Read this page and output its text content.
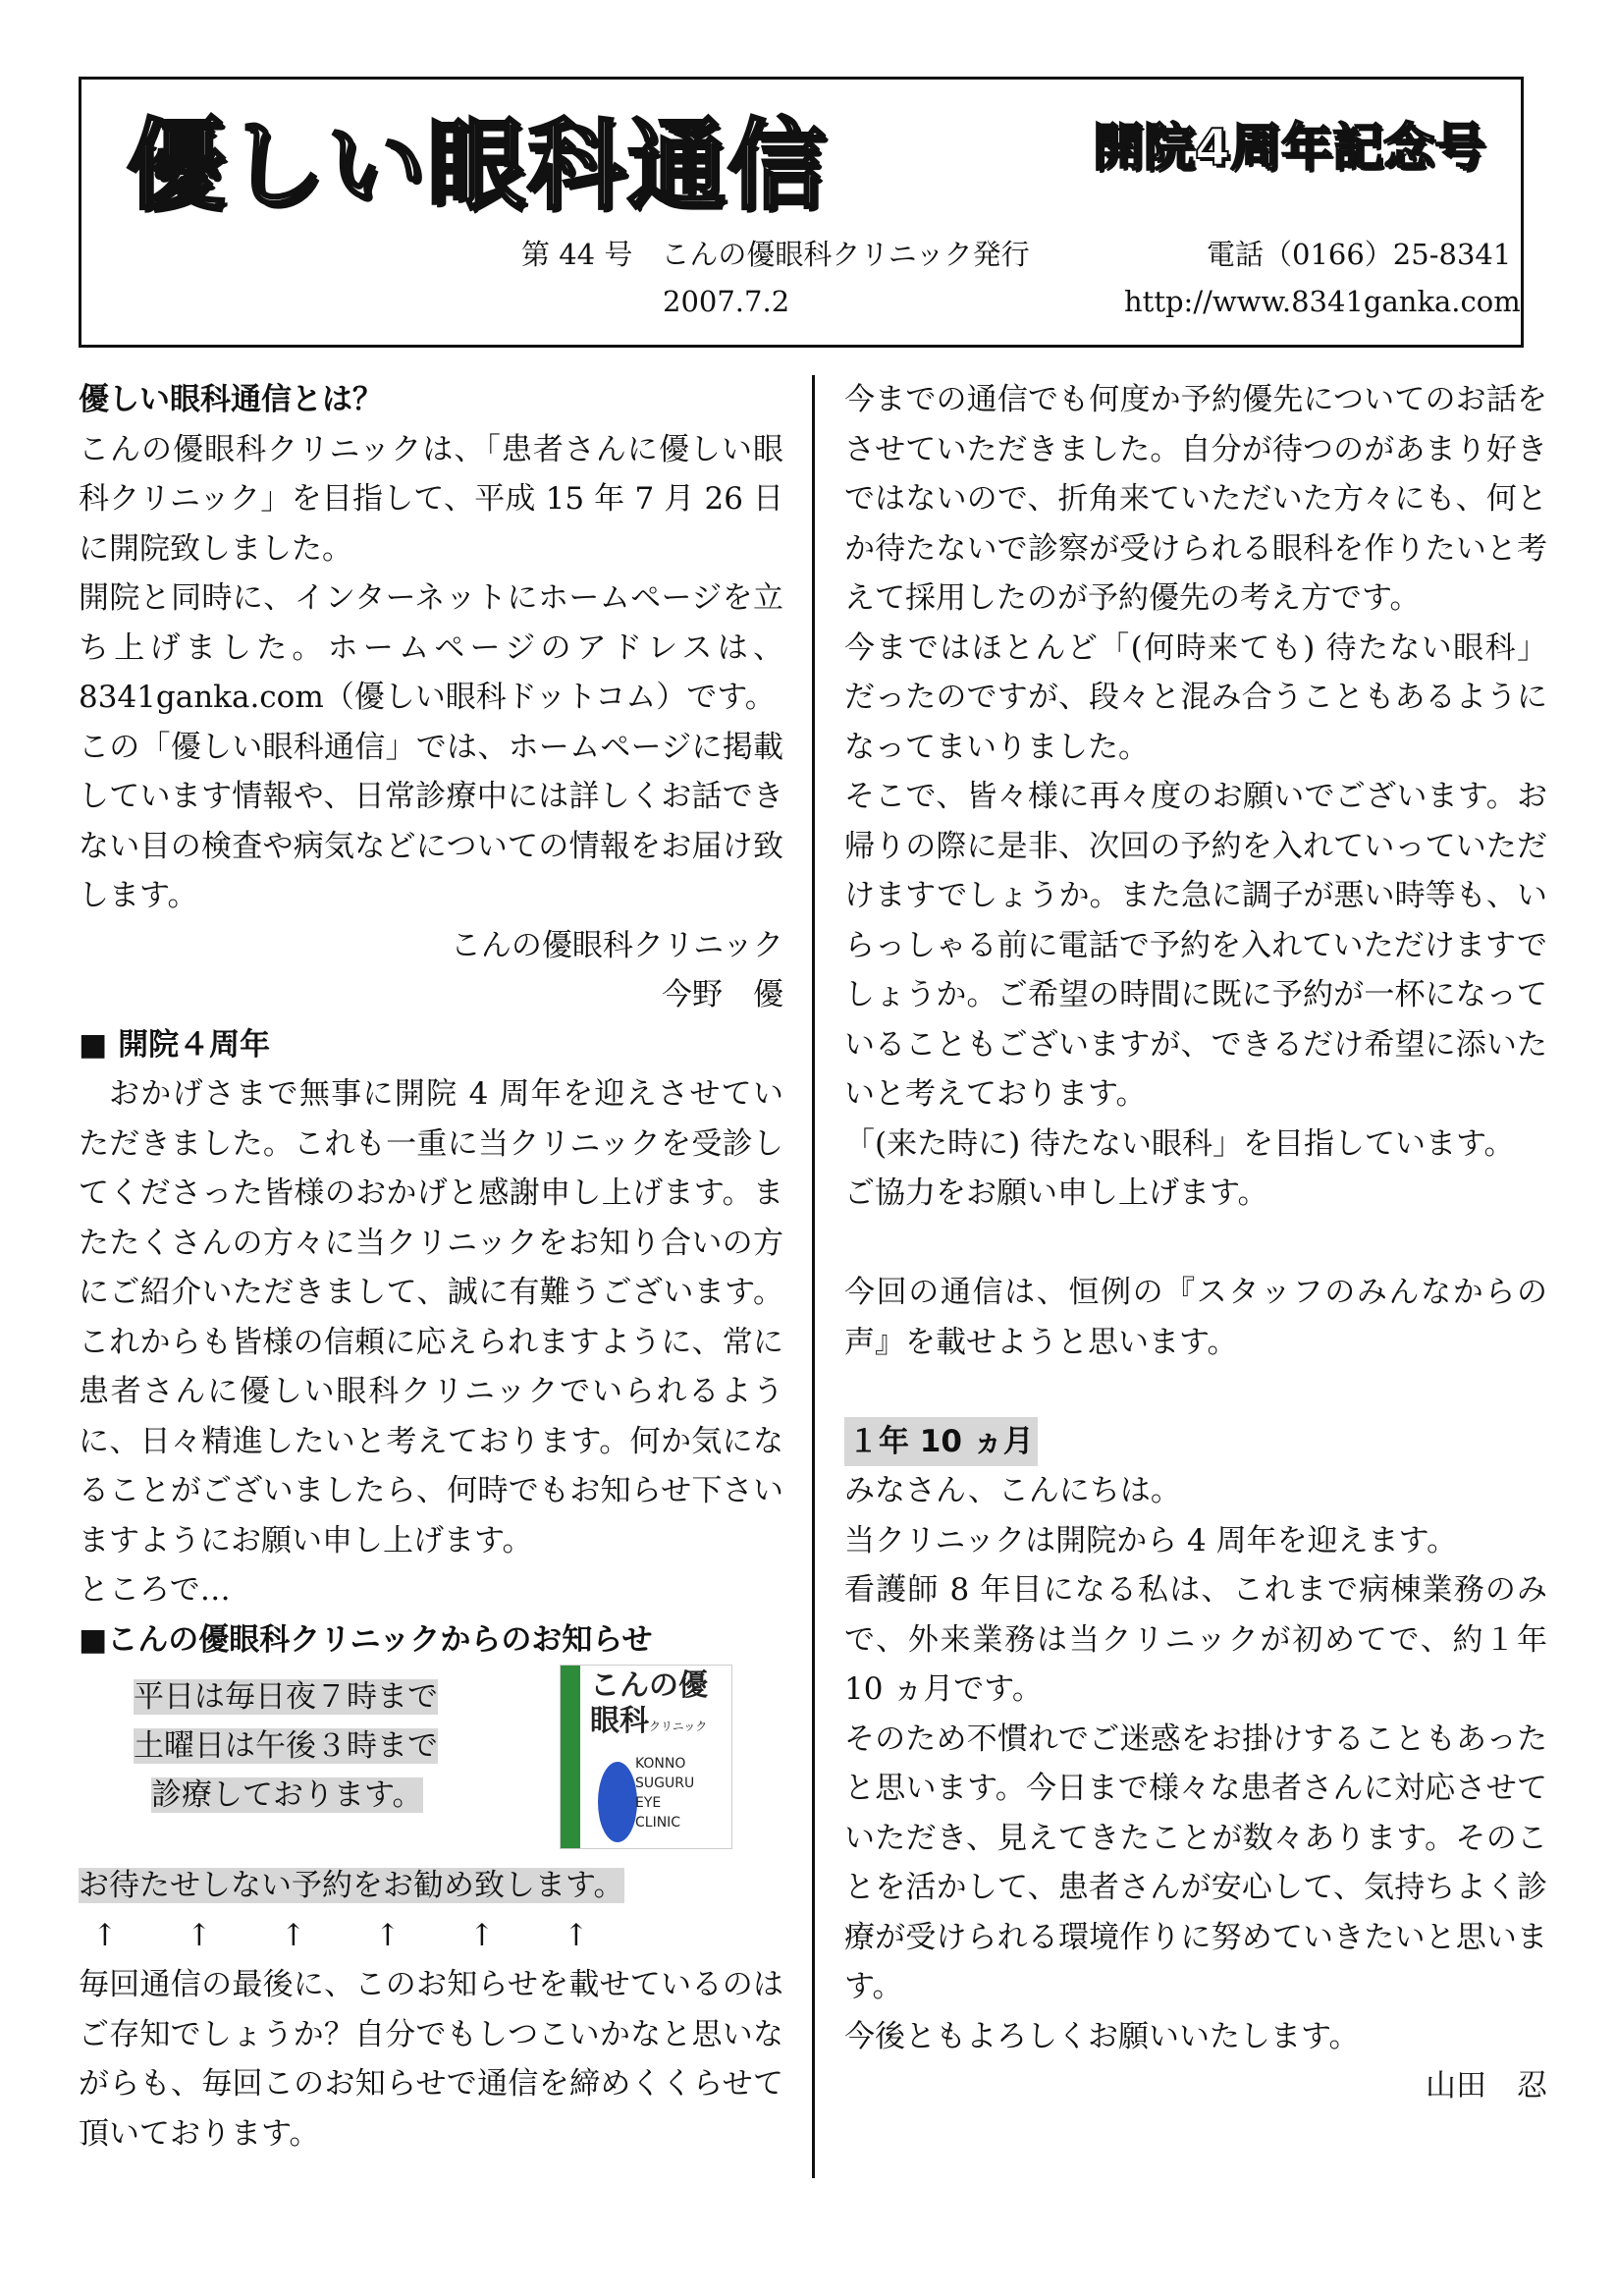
優しい眼科通信	開院4周年記念号
第 44 号　こんの優眼科クリニック発行	電話（0166）25-8341
2007.7.2	http://www.8341ganka.com

優しい眼科通信とは？

こんの優眼科クリニックは、「患者さんに優しい眼科クリニック」を目指して、平成 15 年 7 月 26 日に開院致しました。

開院と同時に、インターネットにホームページを立ち上げました。ホームページのアドレスは、8341ganka.com（優しい眼科ドットコム）です。

この「優しい眼科通信」では、ホームページに掲載しています情報や、日常診療中には詳しくお話できない目の検査や病気などについての情報をお届け致します。

こんの優眼科クリニック

今野　優

■ 開院４周年

おかげさまで無事に開院 4 周年を迎えさせていただきました。これも一重に当クリニックを受診してくださった皆様のおかげと感謝申し上げます。またたくさんの方々に当クリニックをお知り合いの方にご紹介いただきまして、誠に有難うございます。これからも皆様の信頼に応えられますように、常に患者さんに優しい眼科クリニックでいられるように、日々精進したいと考えております。何か気になることがございましたら、何時でもお知らせ下さいますようにお願い申し上げます。

ところで…

■こんの優眼科クリニックからのお知らせ

平日は毎日夜７時まで
土曜日は午後３時まで
診療しております。
こんの優
眼科クリニック
KONNO
SUGURU
EYE
CLINIC

お待たせしない予約をお勧め致します。

↑	↑	↑	↑	↑	↑

毎回通信の最後に、このお知らせを載せているのはご存知でしょうか？自分でもしつこいかなと思いながらも、毎回このお知らせで通信を締めくくらせて頂いております。

今までの通信でも何度か予約優先についてのお話をさせていただきました。自分が待つのがあまり好きではないので、折角来ていただいた方々にも、何とか待たないで診察が受けられる眼科を作りたいと考えて採用したのが予約優先の考え方です。

今まではほとんど「(何時来ても) 待たない眼科」だったのですが、段々と混み合うこともあるようになってまいりました。

そこで、皆々様に再々度のお願いでございます。お帰りの際に是非、次回の予約を入れていっていただけますでしょうか。また急に調子が悪い時等も、いらっしゃる前に電話で予約を入れていただけますでしょうか。ご希望の時間に既に予約が一杯になっていることもございますが、できるだけ希望に添いたいと考えております。

「(来た時に) 待たない眼科」を目指しています。

ご協力をお願い申し上げます。

今回の通信は、恒例の『スタッフのみんなからの声』を載せようと思います。

１年 10 ヵ月

みなさん、こんにちは。

当クリニックは開院から 4 周年を迎えます。

看護師 8 年目になる私は、これまで病棟業務のみで、外来業務は当クリニックが初めてで、約１年 10 ヵ月です。

そのため不慣れでご迷惑をお掛けすることもあったと思います。今日まで様々な患者さんに対応させていただき、見えてきたことが数々あります。そのことを活かして、患者さんが安心して、気持ちよく診療が受けられる環境作りに努めていきたいと思います。

今後ともよろしくお願いいたします。

山田　忍
